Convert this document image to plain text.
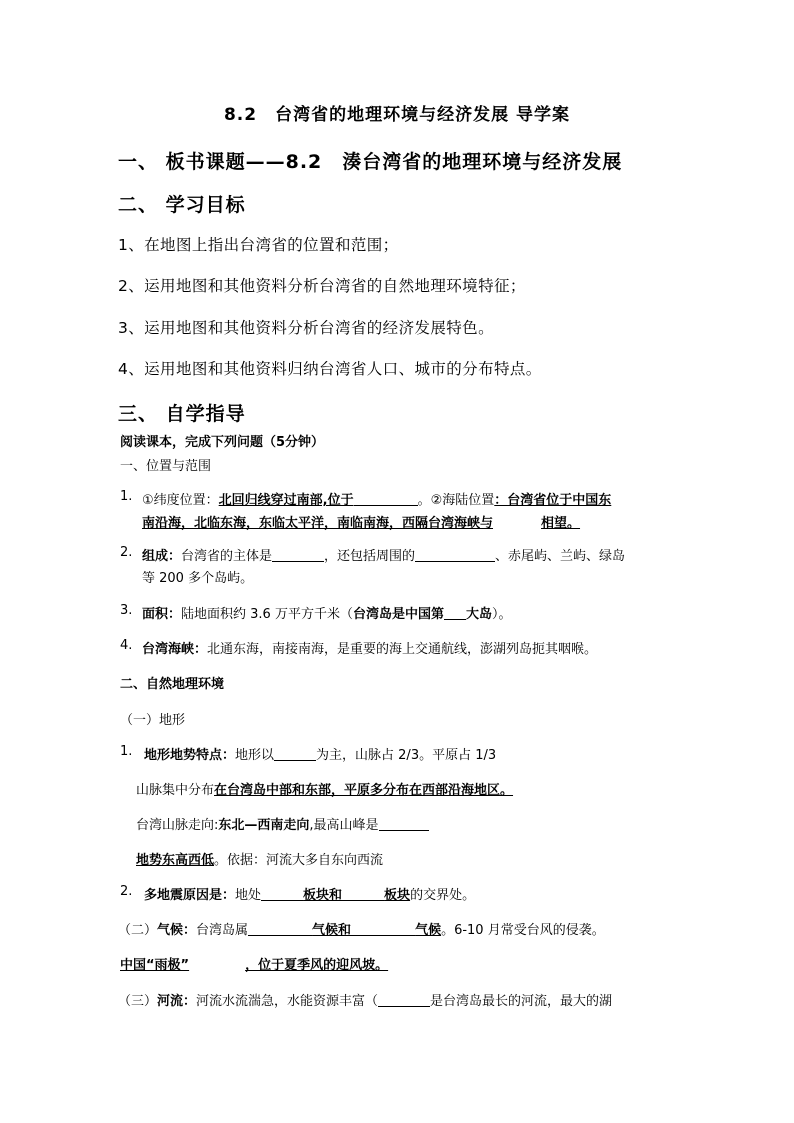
8.2　台湾省的地理环境与经济发展 导学案
一、 板书课题——8.2　湊台湾省的地理环境与经济发展
二、 学习目标
1、在地图上指出台湾省的位置和范围；
2、运用地图和其他资料分析台湾省的自然地理环境特征；
3、运用地图和其他资料分析台湾省的经济发展特色。
4、运用地图和其他资料归纳台湾省人口、城市的分布特点。
三、 自学指导
阅读课本，完成下列问题（5分钟）
一、位置与范围
1. ①纬度位置：北回归线穿过南部,位于	。②海陆位置：台湾省位于中国东
南沿海，北临东海，东临太平洋，南临南海，西隔台湾海峡与	相望。
2. 组成：台湾省的主体是	，还包括周围的	、赤尾屿、兰屿、绿岛
等 200 多个岛屿。
3. 面积：陆地面积约 3.6 万平方千米（台湾岛是中国第 大岛）。
4. 台湾海峡：北通东海，南接南海，是重要的海上交通航线，澎湖列岛扼其咽喉。
二、自然地理环境
（一）地形
1. 地形地势特点：地形以	为主，山脉占 2/3。平原占 1/3
山脉集中分布在台湾岛中部和东部，平原多分布在西部沿海地区。
台湾山脉走向:东北—西南走向,最高山峰是
地势东高西低。依据：河流大多自东向西流
2. 多地震原因是：地处	板块和	板块的交界处。
（二）气候：台湾岛属	气候和	气候。6-10 月常受台风的侵袭。
中国“雨极”	，位于夏季风的迎风坡。
（三）河流：河流水流湍急，水能资源丰富（	是台湾岛最长的河流，最大的湖
